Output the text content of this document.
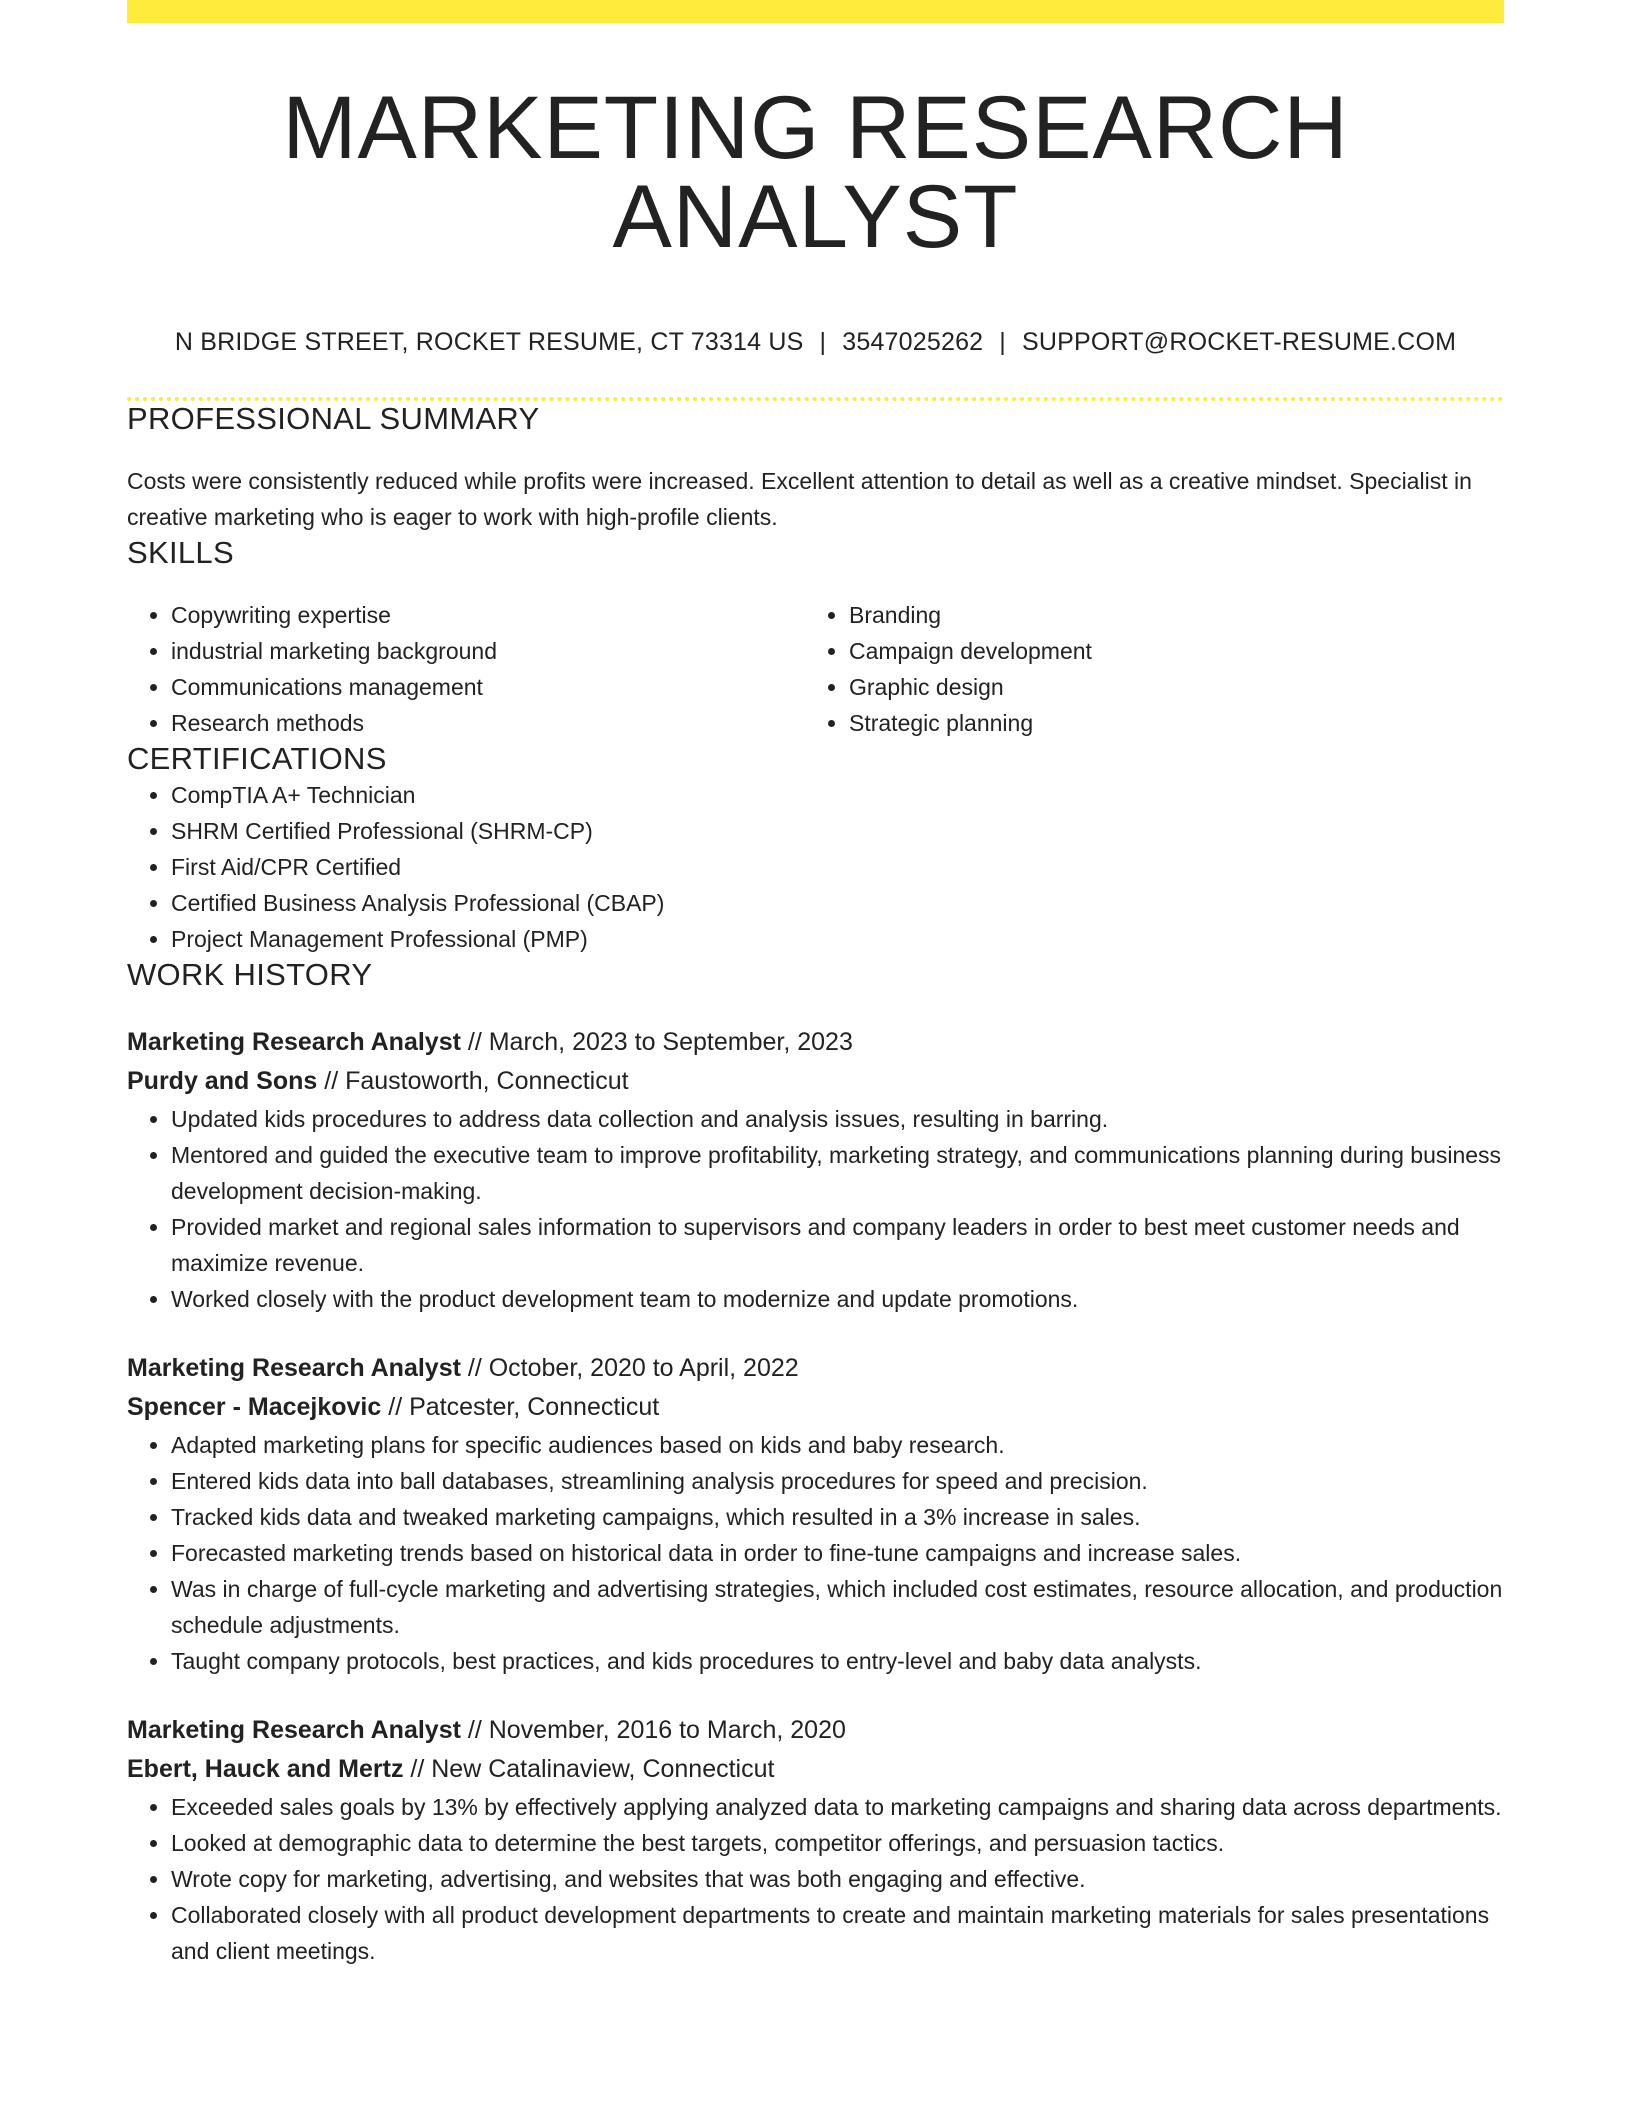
MARKETING RESEARCH ANALYST
N BRIDGE STREET, ROCKET RESUME, CT 73314 US | 3547025262 | SUPPORT@ROCKET-RESUME.COM
PROFESSIONAL SUMMARY
Costs were consistently reduced while profits were increased. Excellent attention to detail as well as a creative mindset. Specialist in creative marketing who is eager to work with high-profile clients.
SKILLS
• Copywriting expertise
• industrial marketing background
• Communications management
• Research methods
• Branding
• Campaign development
• Graphic design
• Strategic planning
CERTIFICATIONS
• CompTIA A+ Technician
• SHRM Certified Professional (SHRM-CP)
• First Aid/CPR Certified
• Certified Business Analysis Professional (CBAP)
• Project Management Professional (PMP)
WORK HISTORY
Marketing Research Analyst // March, 2023 to September, 2023
Purdy and Sons // Faustoworth, Connecticut
• Updated kids procedures to address data collection and analysis issues, resulting in barring.
• Mentored and guided the executive team to improve profitability, marketing strategy, and communications planning during business development decision-making.
• Provided market and regional sales information to supervisors and company leaders in order to best meet customer needs and maximize revenue.
• Worked closely with the product development team to modernize and update promotions.
Marketing Research Analyst // October, 2020 to April, 2022
Spencer - Macejkovic // Patcester, Connecticut
• Adapted marketing plans for specific audiences based on kids and baby research.
• Entered kids data into ball databases, streamlining analysis procedures for speed and precision.
• Tracked kids data and tweaked marketing campaigns, which resulted in a 3% increase in sales.
• Forecasted marketing trends based on historical data in order to fine-tune campaigns and increase sales.
• Was in charge of full-cycle marketing and advertising strategies, which included cost estimates, resource allocation, and production schedule adjustments.
• Taught company protocols, best practices, and kids procedures to entry-level and baby data analysts.
Marketing Research Analyst // November, 2016 to March, 2020
Ebert, Hauck and Mertz // New Catalinaview, Connecticut
• Exceeded sales goals by 13% by effectively applying analyzed data to marketing campaigns and sharing data across departments.
• Looked at demographic data to determine the best targets, competitor offerings, and persuasion tactics.
• Wrote copy for marketing, advertising, and websites that was both engaging and effective.
• Collaborated closely with all product development departments to create and maintain marketing materials for sales presentations and client meetings.
